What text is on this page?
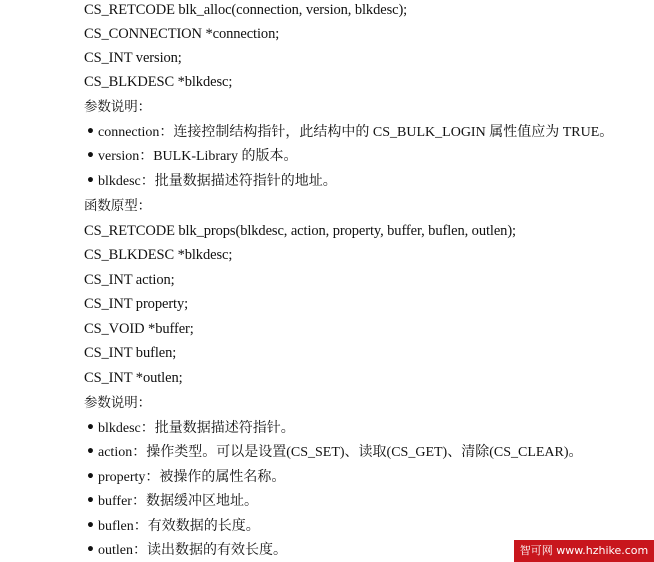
CS_RETCODE blk_alloc(connection, version, blkdesc);
CS_CONNECTION *connection;
CS_INT version;
CS_BLKDESC *blkdesc;
参数说明：
• connection：连接控制结构指针，此结构中的 CS_BULK_LOGIN 属性值应为 TRUE。
• version：BULK-Library 的版本。
• blkdesc：批量数据描述符指针的地址。
函数原型：
CS_RETCODE blk_props(blkdesc, action, property, buffer, buflen, outlen);
CS_BLKDESC *blkdesc;
CS_INT action;
CS_INT property;
CS_VOID *buffer;
CS_INT buflen;
CS_INT *outlen;
参数说明：
• blkdesc：批量数据描述符指针。
• action：操作类型。可以是设置(CS_SET)、读取(CS_GET)、清除(CS_CLEAR)。
• property：被操作的属性名称。
• buffer：数据缓冲区地址。
• buflen：有效数据的长度。
• outlen：读出数据的有效长度。	智可网 www.hzhike.com
